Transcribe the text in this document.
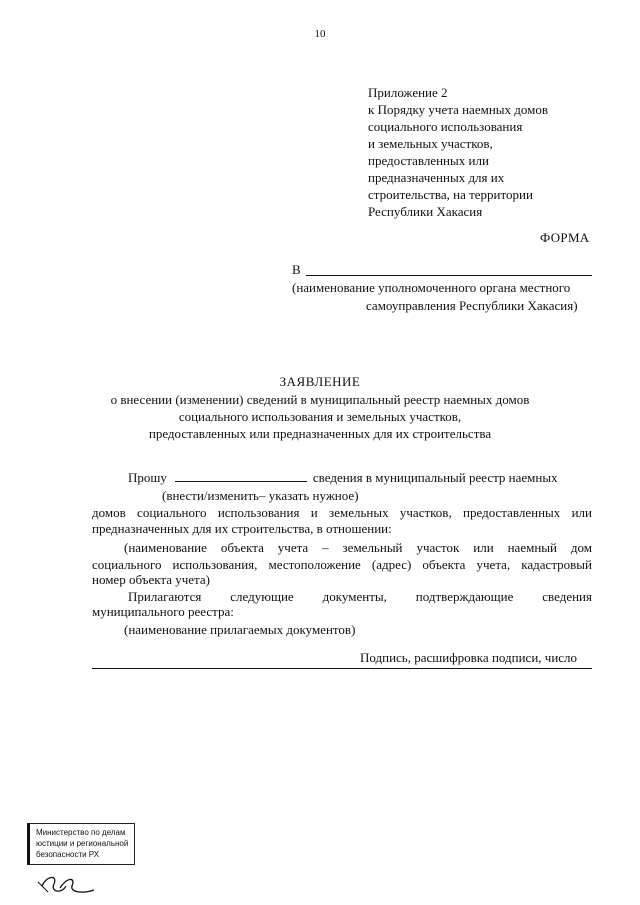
10
Приложение 2
к Порядку учета наемных домов
социального использования
и земельных участков,
предоставленных или
предназначенных для их
строительства, на территории
Республики Хакасия
ФОРМА
В
(наименование уполномоченного органа местного
самоуправления Республики Хакасия)
ЗАЯВЛЕНИЕ
о внесении (изменении) сведений в муниципальный реестр наемных домов
социального использования и земельных участков,
предоставленных или предназначенных для их строительства
Прошу	сведения в муниципальный реестр наемных
(внести/изменить– указать нужное)
домов социального использования и земельных участков, предоставленных или
предназначенных для их строительства, в отношении:
(наименование объекта учета – земельный участок или наемный дом
социального использования, местоположение (адрес) объекта учета, кадастровый
номер объекта учета)
Прилагаются следующие документы, подтверждающие сведения
муниципального реестра:
(наименование прилагаемых документов)
Подпись, расшифровка подписи, число
Министерство по делам
юстиции и региональной
безопасности РХ
